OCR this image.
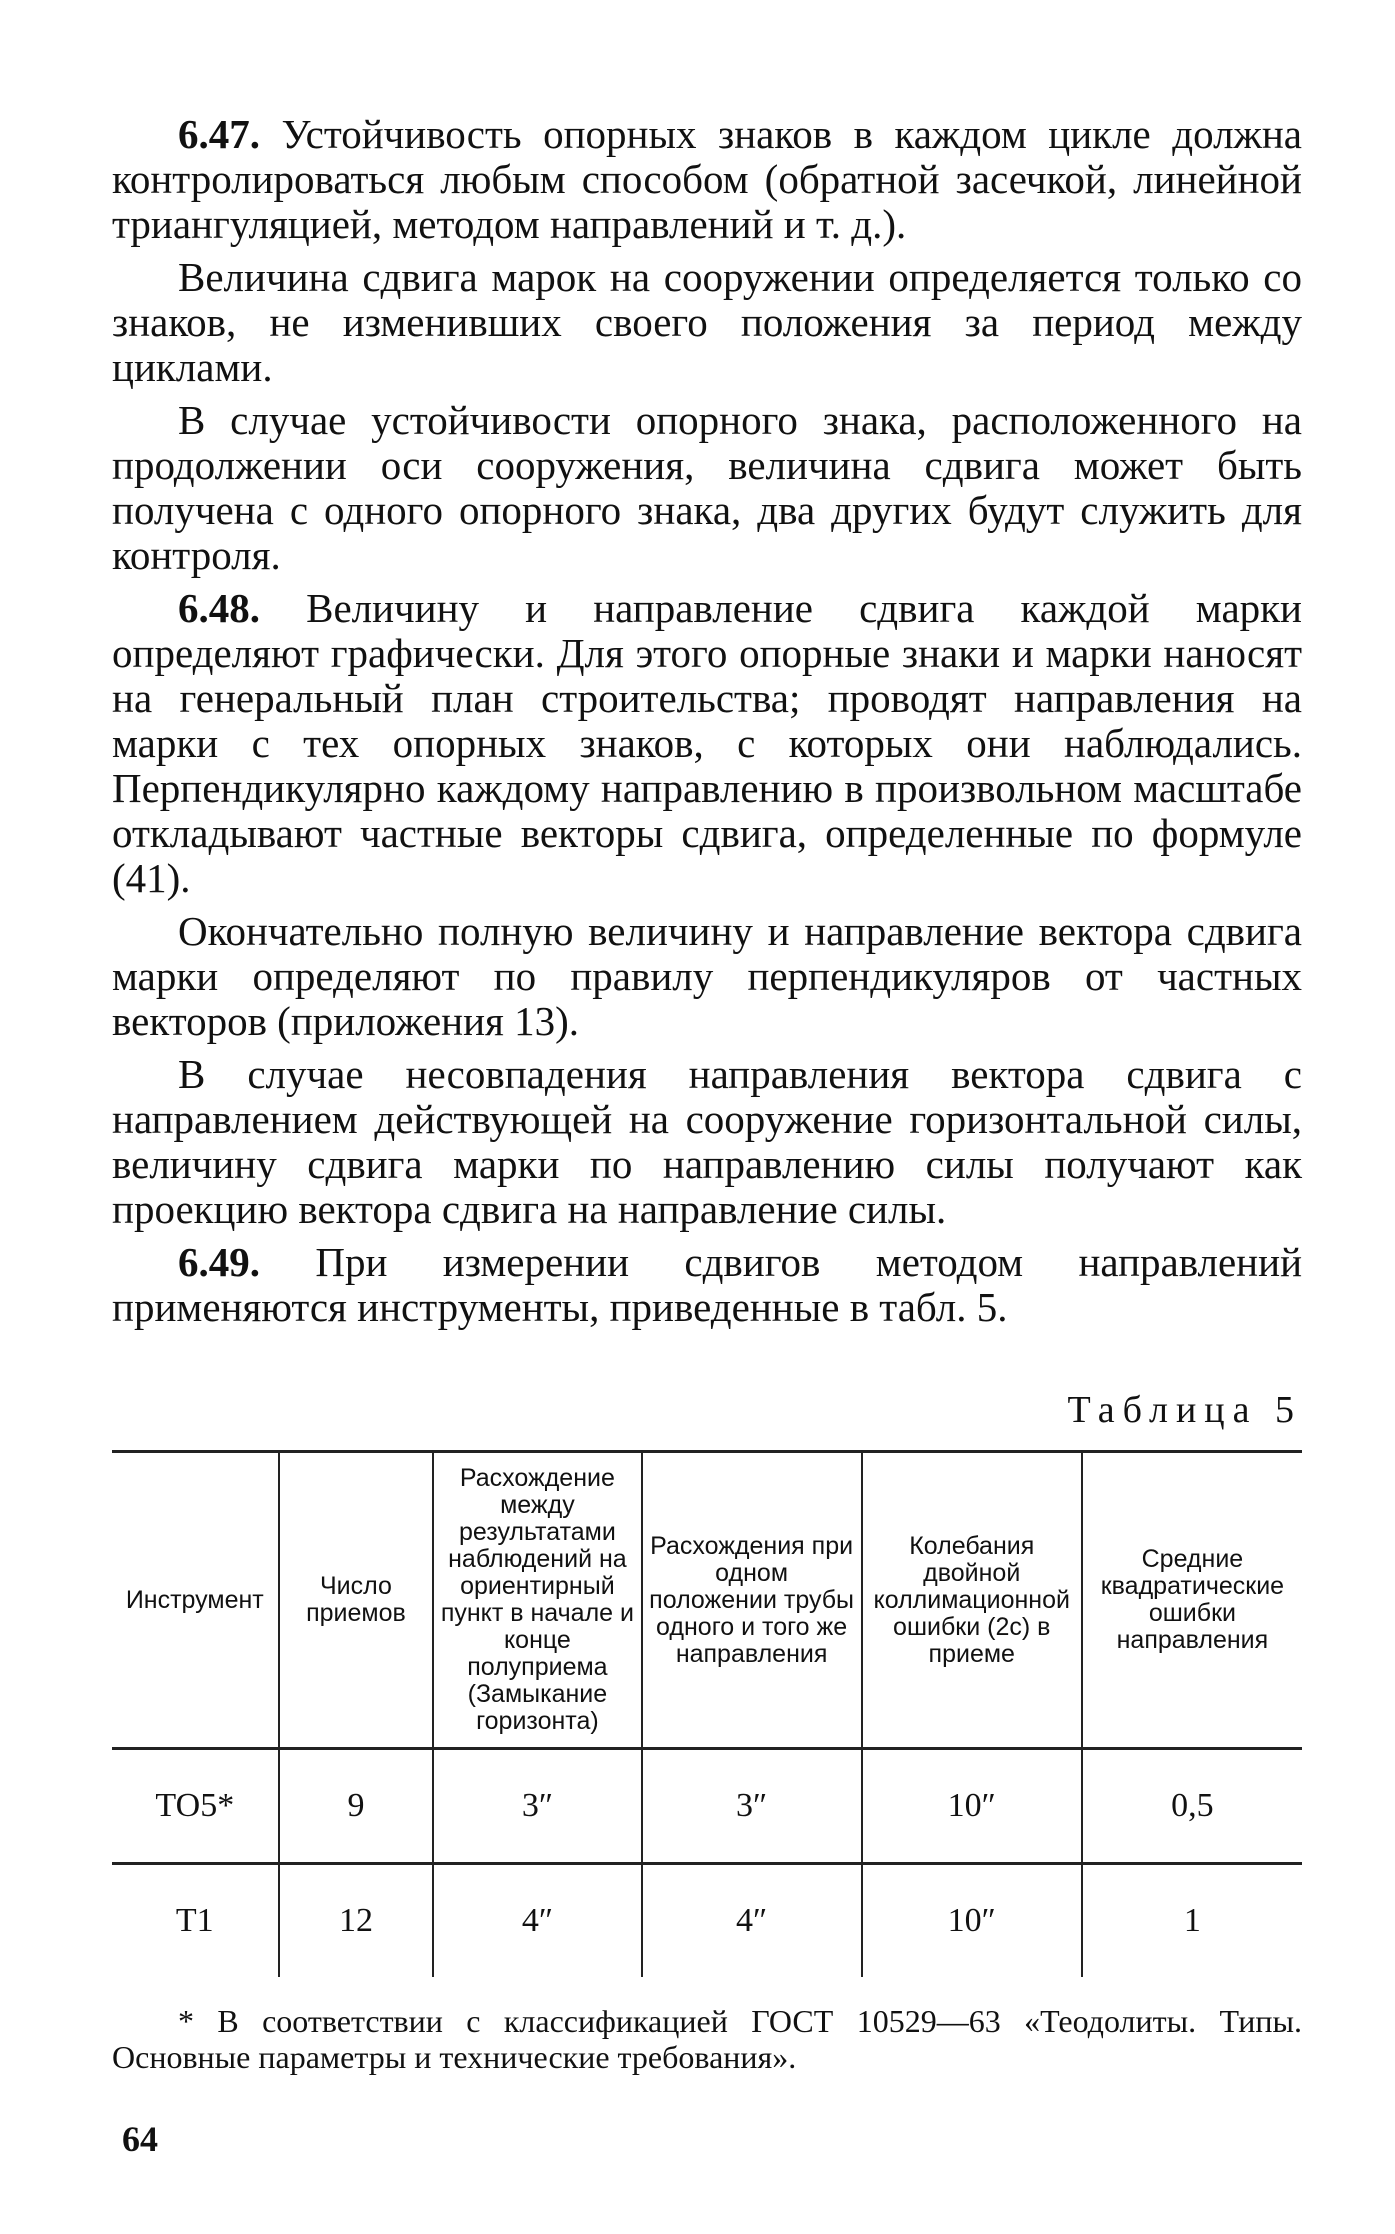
6.47. Устойчивость опорных знаков в каждом цикле должна контролироваться любым способом (обратной засечкой, линейной триангуляцией, методом направлений и т. д.).

Величина сдвига марок на сооружении определяется только со знаков, не изменивших своего положения за период между циклами.

В случае устойчивости опорного знака, расположенного на продолжении оси сооружения, величина сдвига может быть получена с одного опорного знака, два других будут служить для контроля.

6.48. Величину и направление сдвига каждой марки определяют графически. Для этого опорные знаки и марки наносят на генеральный план строительства; проводят направления на марки с тех опорных знаков, с которых они наблюдались. Перпендикулярно каждому направлению в произвольном масштабе откладывают частные векторы сдвига, определенные по формуле (41).

Окончательно полную величину и направление вектора сдвига марки определяют по правилу перпендикуляров от частных векторов (приложения 13).

В случае несовпадения направления вектора сдвига с направлением действующей на сооружение горизонтальной силы, величину сдвига марки по направлению силы получают как проекцию вектора сдвига на направление силы.

6.49. При измерении сдвигов методом направлений применяются инструменты, приведенные в табл. 5.

Таблица 5
Инструмент	Число приемов	Расхождение между результатами наблюдений на ориентирный пункт в начале и конце полуприема (Замыкание горизонта)	Расхождения при одном положении трубы одного и того же направления	Колебания двойной коллимационной ошибки (2с) в приеме	Средние квадратические ошибки направления
ТО5*	9	3″	3″	10″	0,5
Т1	12	4″	4″	10″	1

* В соответствии с классификацией ГОСТ 10529—63 «Теодолиты. Типы. Основные параметры и технические требования».

64
